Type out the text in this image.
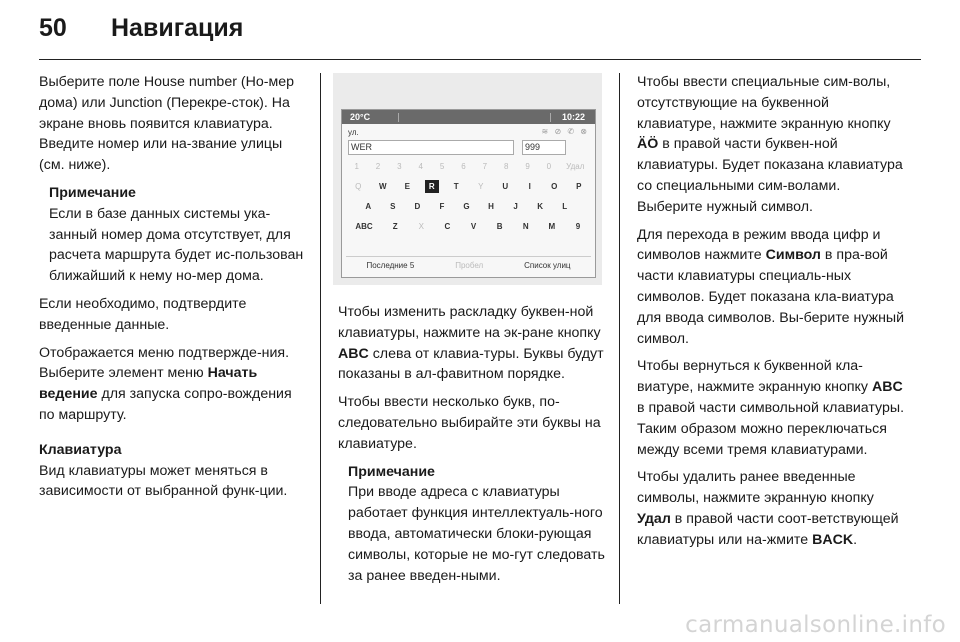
50	Навигация

Выберите поле House number (Но-мер дома) или Junction (Перекре-сток). На экране вновь появится клавиатура. Введите номер или на-звание улицы (см. ниже).

Примечание
Если в базе данных системы ука-занный номер дома отсутствует, для расчета маршрута будет ис-пользован ближайший к нему но-мер дома.

Если необходимо, подтвердите введенные данные.

Отображается меню подтвержде-ния. Выберите элемент меню Начать ведение для запуска сопро-вождения по маршруту.

Клавиатура

Вид клавиатуры может меняться в зависимости от выбранной функ-ции.

20°C	10:22
ул.	≋ ⊘ ✆ ⊗
WER	999
1	2	3	4	5	6	7	8	9	0	Удал
Q	W	E	R	T	Y	U	I	O	P
A	S	D	F	G	H	J	K	L
ABC	Z	X	C	V	B	N	M	9
Последние 5	Пробел	Список улиц

Чтобы изменить раскладку буквен-ной клавиатуры, нажмите на эк-ране кнопку ABC слева от клавиа-туры. Буквы будут показаны в ал-фавитном порядке.

Чтобы ввести несколько букв, по-следовательно выбирайте эти буквы на клавиатуре.

Примечание
При вводе адреса с клавиатуры работает функция интеллектуаль-ного ввода, автоматически блоки-рующая символы, которые не мо-гут следовать за ранее введен-ными.

Чтобы ввести специальные сим-волы, отсутствующие на буквенной клавиатуре, нажмите экранную кнопку ÄÖ в правой части буквен-ной клавиатуры. Будет показана клавиатура со специальными сим-волами. Выберите нужный символ.

Для перехода в режим ввода цифр и символов нажмите Символ в пра-вой части клавиатуры специаль-ных символов. Будет показана кла-виатура для ввода символов. Вы-берите нужный символ.

Чтобы вернуться к буквенной кла-виатуре, нажмите экранную кнопку ABC в правой части символьной клавиатуры. Таким образом можно переключаться между всеми тремя клавиатурами.

Чтобы удалить ранее введенные символы, нажмите экранную кнопку Удал в правой части соот-ветствующей клавиатуры или на-жмите BACK.

carmanualsonline.info
